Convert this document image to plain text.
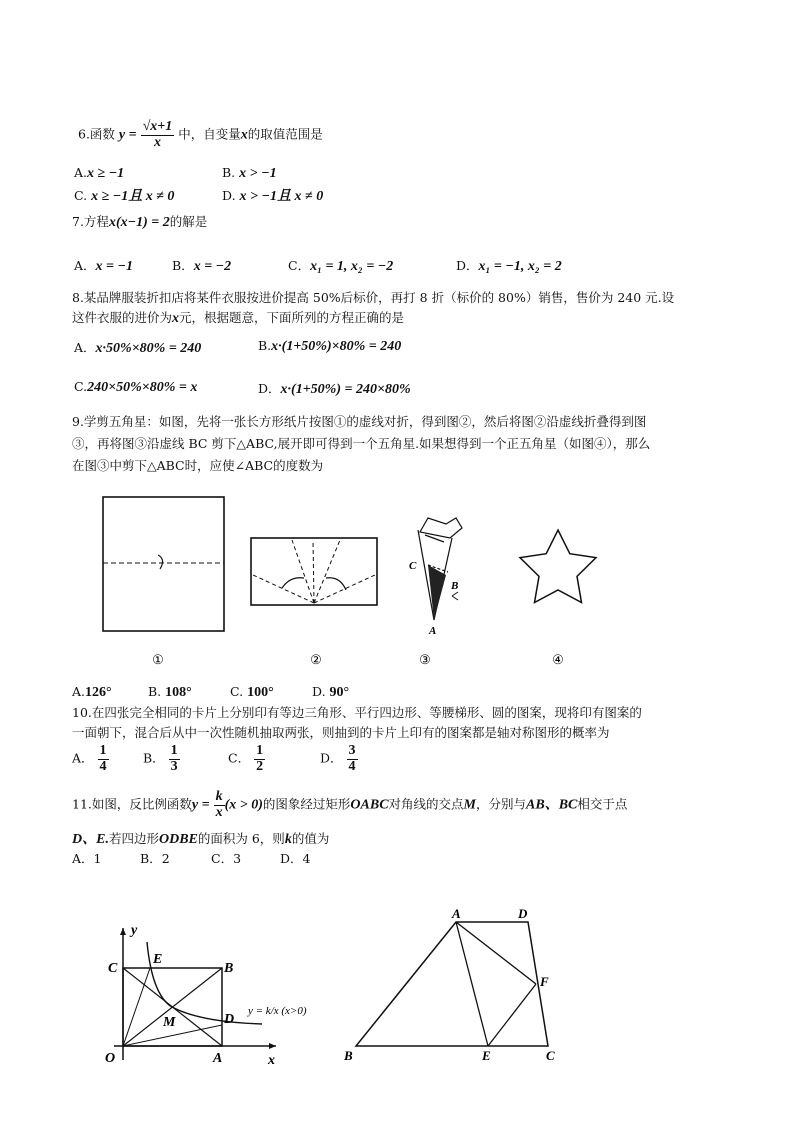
6.函数 $y = \frac{√x+1}{x}$ 中，自变量x的取值范围是
A.x ≥ −1	B. x > −1
C. x ≥ −1且 x ≠ 0	D. x > −1且 x ≠ 0
7.方程x(x−1) = 2的解是
A．x = −1	B．x = −2	C．x₁ = 1, x₂ = −2	D．x₁ = −1, x₂ = 2
8.某品牌服装折扣店将某件衣服按进价提高 50%后标价，再打 8 折（标价的 80%）销售，售价为 240 元.设
这件衣服的进价为x元，根据题意，下面所列的方程正确的是
A．x·50%×80% = 240	B.x·(1+50%)×80% = 240
C.240×50%×80% = x	D．x·(1+50%) = 240×80%
9.学剪五角星：如图，先将一张长方形纸片按图①的虚线对折，得到图②，然后将图②沿虚线折叠得到图
③，再将图③沿虚线 BC 剪下△ABC,展开即可得到一个五角星.如果想得到一个正五角星（如图④），那么
在图③中剪下△ABC时，应使∠ABC的度数为
C
B
A
①	②	③	④
A.126°	B. 108°	C. 100°	D. 90°
10.在四张完全相同的卡片上分别印有等边三角形、平行四边形、等腰梯形、圆的图案，现将印有图案的
一面朝下，混合后从中一次性随机抽取两张，则抽到的卡片上印有的图案都是轴对称图形的概率为
A． $\frac{1}{4}$	B． $\frac{1}{3}$	C． $\frac{1}{2}$	D． $\frac{3}{4}$
11.如图，反比例函数$y = \frac{k}{x} (x > 0)$的图象经过矩形OABC对角线的交点M，分别与AB、BC相交于点
D、E.若四边形ODBE的面积为 6，则k的值为
A．1	B．2	C．3	D．4
y
x
O	A
B
C
D
E
M
y = k/x (x>0)
A	D
F
B	E	C
